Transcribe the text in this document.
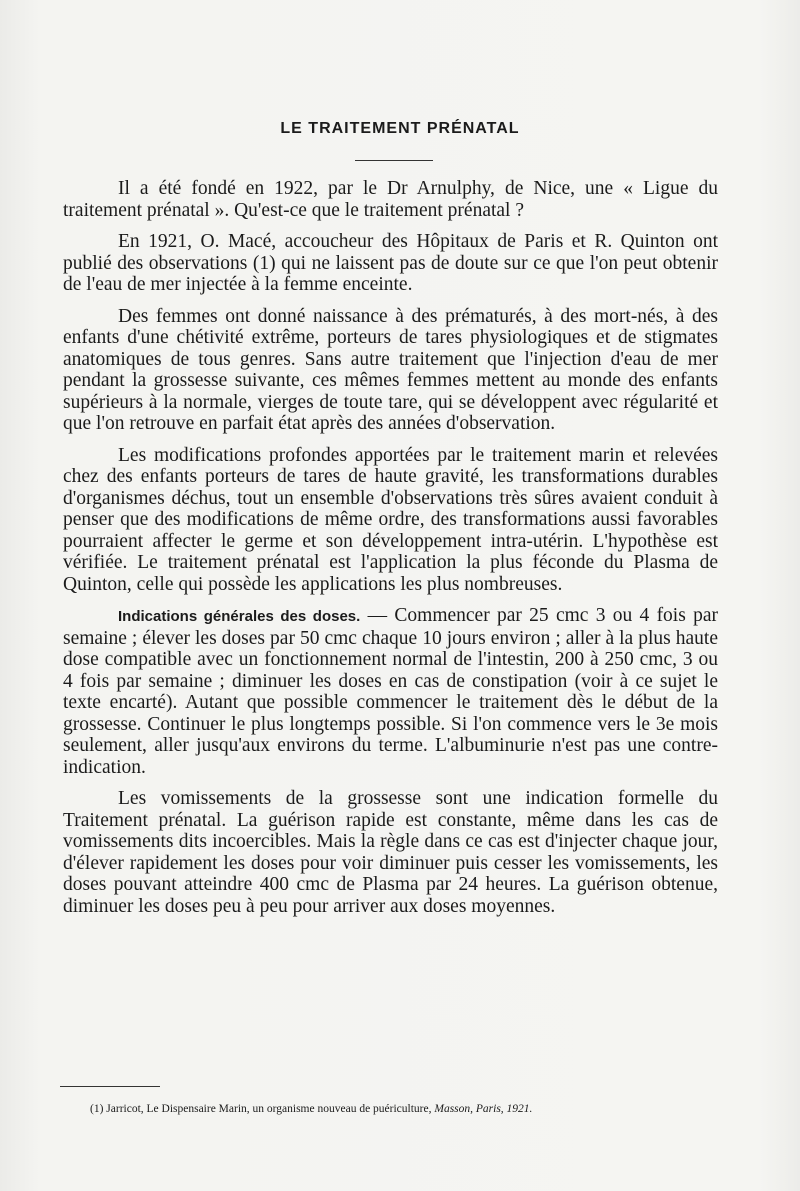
LE TRAITEMENT PRÉNATAL

Il a été fondé en 1922, par le Dr Arnulphy, de Nice, une « Ligue du traitement prénatal ». Qu'est-ce que le traitement prénatal ?

En 1921, O. Macé, accoucheur des Hôpitaux de Paris et R. Quinton ont publié des observations (1) qui ne laissent pas de doute sur ce que l'on peut obtenir de l'eau de mer injectée à la femme enceinte.

Des femmes ont donné naissance à des prématurés, à des mort-nés, à des enfants d'une chétivité extrême, porteurs de tares physiologiques et de stigmates anatomiques de tous genres. Sans autre traitement que l'injection d'eau de mer pendant la grossesse suivante, ces mêmes femmes mettent au monde des enfants supérieurs à la normale, vierges de toute tare, qui se développent avec régularité et que l'on retrouve en parfait état après des années d'observation.

Les modifications profondes apportées par le traitement marin et relevées chez des enfants porteurs de tares de haute gravité, les transformations durables d'organismes déchus, tout un ensemble d'observations très sûres avaient conduit à penser que des modifications de même ordre, des transformations aussi favorables pourraient affecter le germe et son développement intra-utérin. L'hypothèse est vérifiée. Le traitement prénatal est l'application la plus féconde du Plasma de Quinton, celle qui possède les applications les plus nombreuses.

Indications générales des doses. — Commencer par 25 cmc 3 ou 4 fois par semaine ; élever les doses par 50 cmc chaque 10 jours environ ; aller à la plus haute dose compatible avec un fonctionnement normal de l'intestin, 200 à 250 cmc, 3 ou 4 fois par semaine ; diminuer les doses en cas de constipation (voir à ce sujet le texte encarté). Autant que possible commencer le traitement dès le début de la grossesse. Continuer le plus longtemps possible. Si l'on commence vers le 3e mois seulement, aller jusqu'aux environs du terme. L'albuminurie n'est pas une contre-indication.

Les vomissements de la grossesse sont une indication formelle du Traitement prénatal. La guérison rapide est constante, même dans les cas de vomissements dits incoercibles. Mais la règle dans ce cas est d'injecter chaque jour, d'élever rapidement les doses pour voir diminuer puis cesser les vomissements, les doses pouvant atteindre 400 cmc de Plasma par 24 heures. La guérison obtenue, diminuer les doses peu à peu pour arriver aux doses moyennes.

(1) Jarricot, Le Dispensaire Marin, un organisme nouveau de puériculture, Masson, Paris, 1921.
